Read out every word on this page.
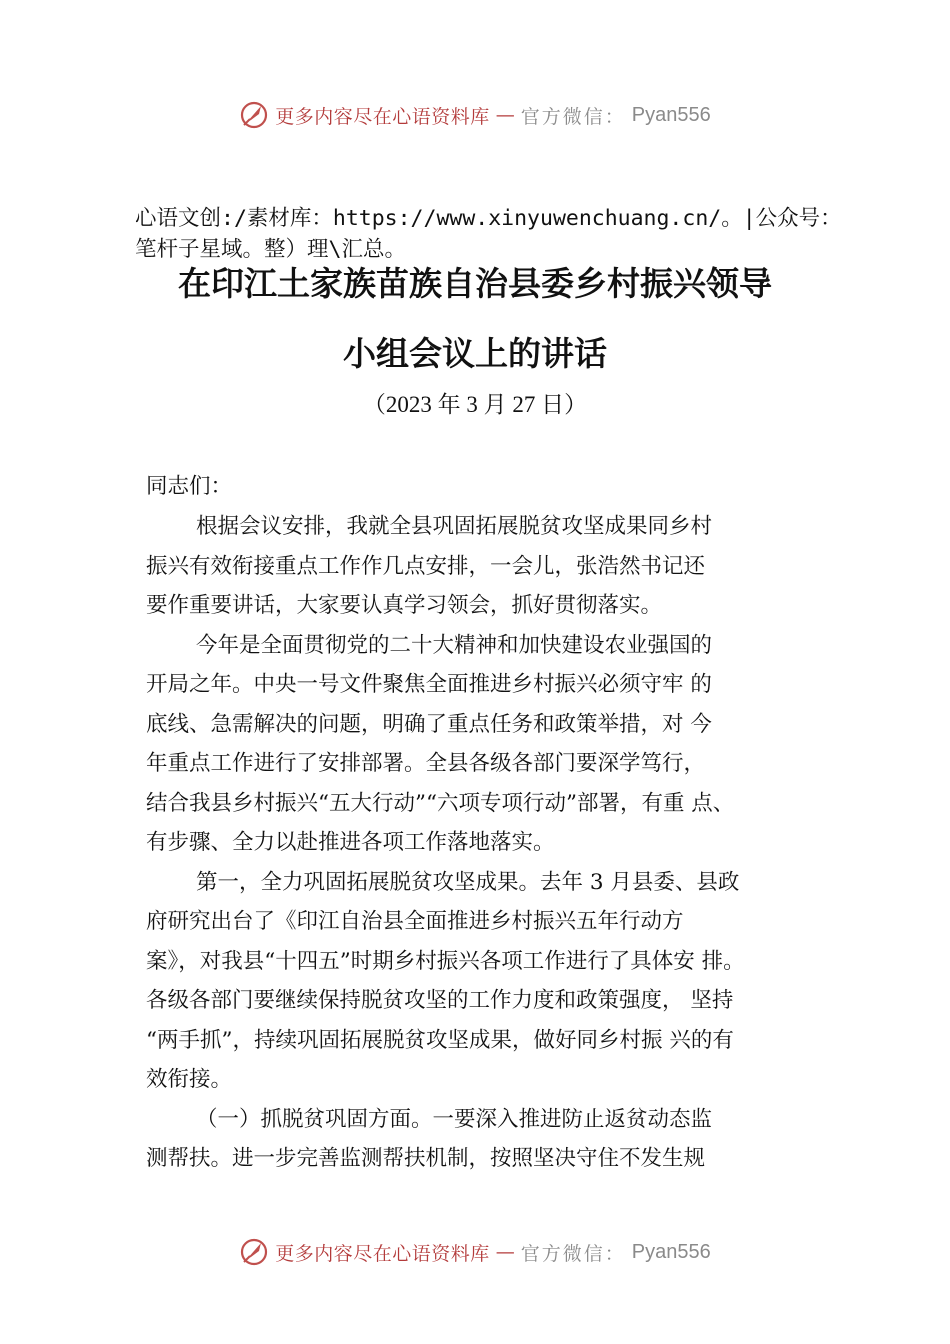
更多内容尽在心语资料库 — 官方微信： Pyan556
心语文创:/素材库：https://www.xinyuwenchuang.cn/。|公众号：笔杆子星域。整）理\汇总。
在印江土家族苗族自治县委乡村振兴领导
小组会议上的讲话
（2023 年 3 月 27 日）
同志们：
根据会议安排，我就全县巩固拓展脱贫攻坚成果同乡村
振兴有效衔接重点工作作几点安排，一会儿，张浩然书记还
要作重要讲话，大家要认真学习领会，抓好贯彻落实。
今年是全面贯彻党的二十大精神和加快建设农业强国的
开局之年。中央一号文件聚焦全面推进乡村振兴必须守牢 的
底线、急需解决的问题，明确了重点任务和政策举措，对 今
年重点工作进行了安排部署。全县各级各部门要深学笃行，
结合我县乡村振兴“五大行动”“六项专项行动”部署，有重 点、
有步骤、全力以赴推进各项工作落地落实。
第一，全力巩固拓展脱贫攻坚成果。去年 3 月县委、县政
府研究出台了《印江自治县全面推进乡村振兴五年行动方
案》，对我县“十四五”时期乡村振兴各项工作进行了具体安 排。
各级各部门要继续保持脱贫攻坚的工作力度和政策强度， 坚持
“两手抓”，持续巩固拓展脱贫攻坚成果，做好同乡村振 兴的有
效衔接。
（一）抓脱贫巩固方面。一要深入推进防止返贫动态监
测帮扶。进一步完善监测帮扶机制，按照坚决守住不发生规
更多内容尽在心语资料库 — 官方微信： Pyan556
